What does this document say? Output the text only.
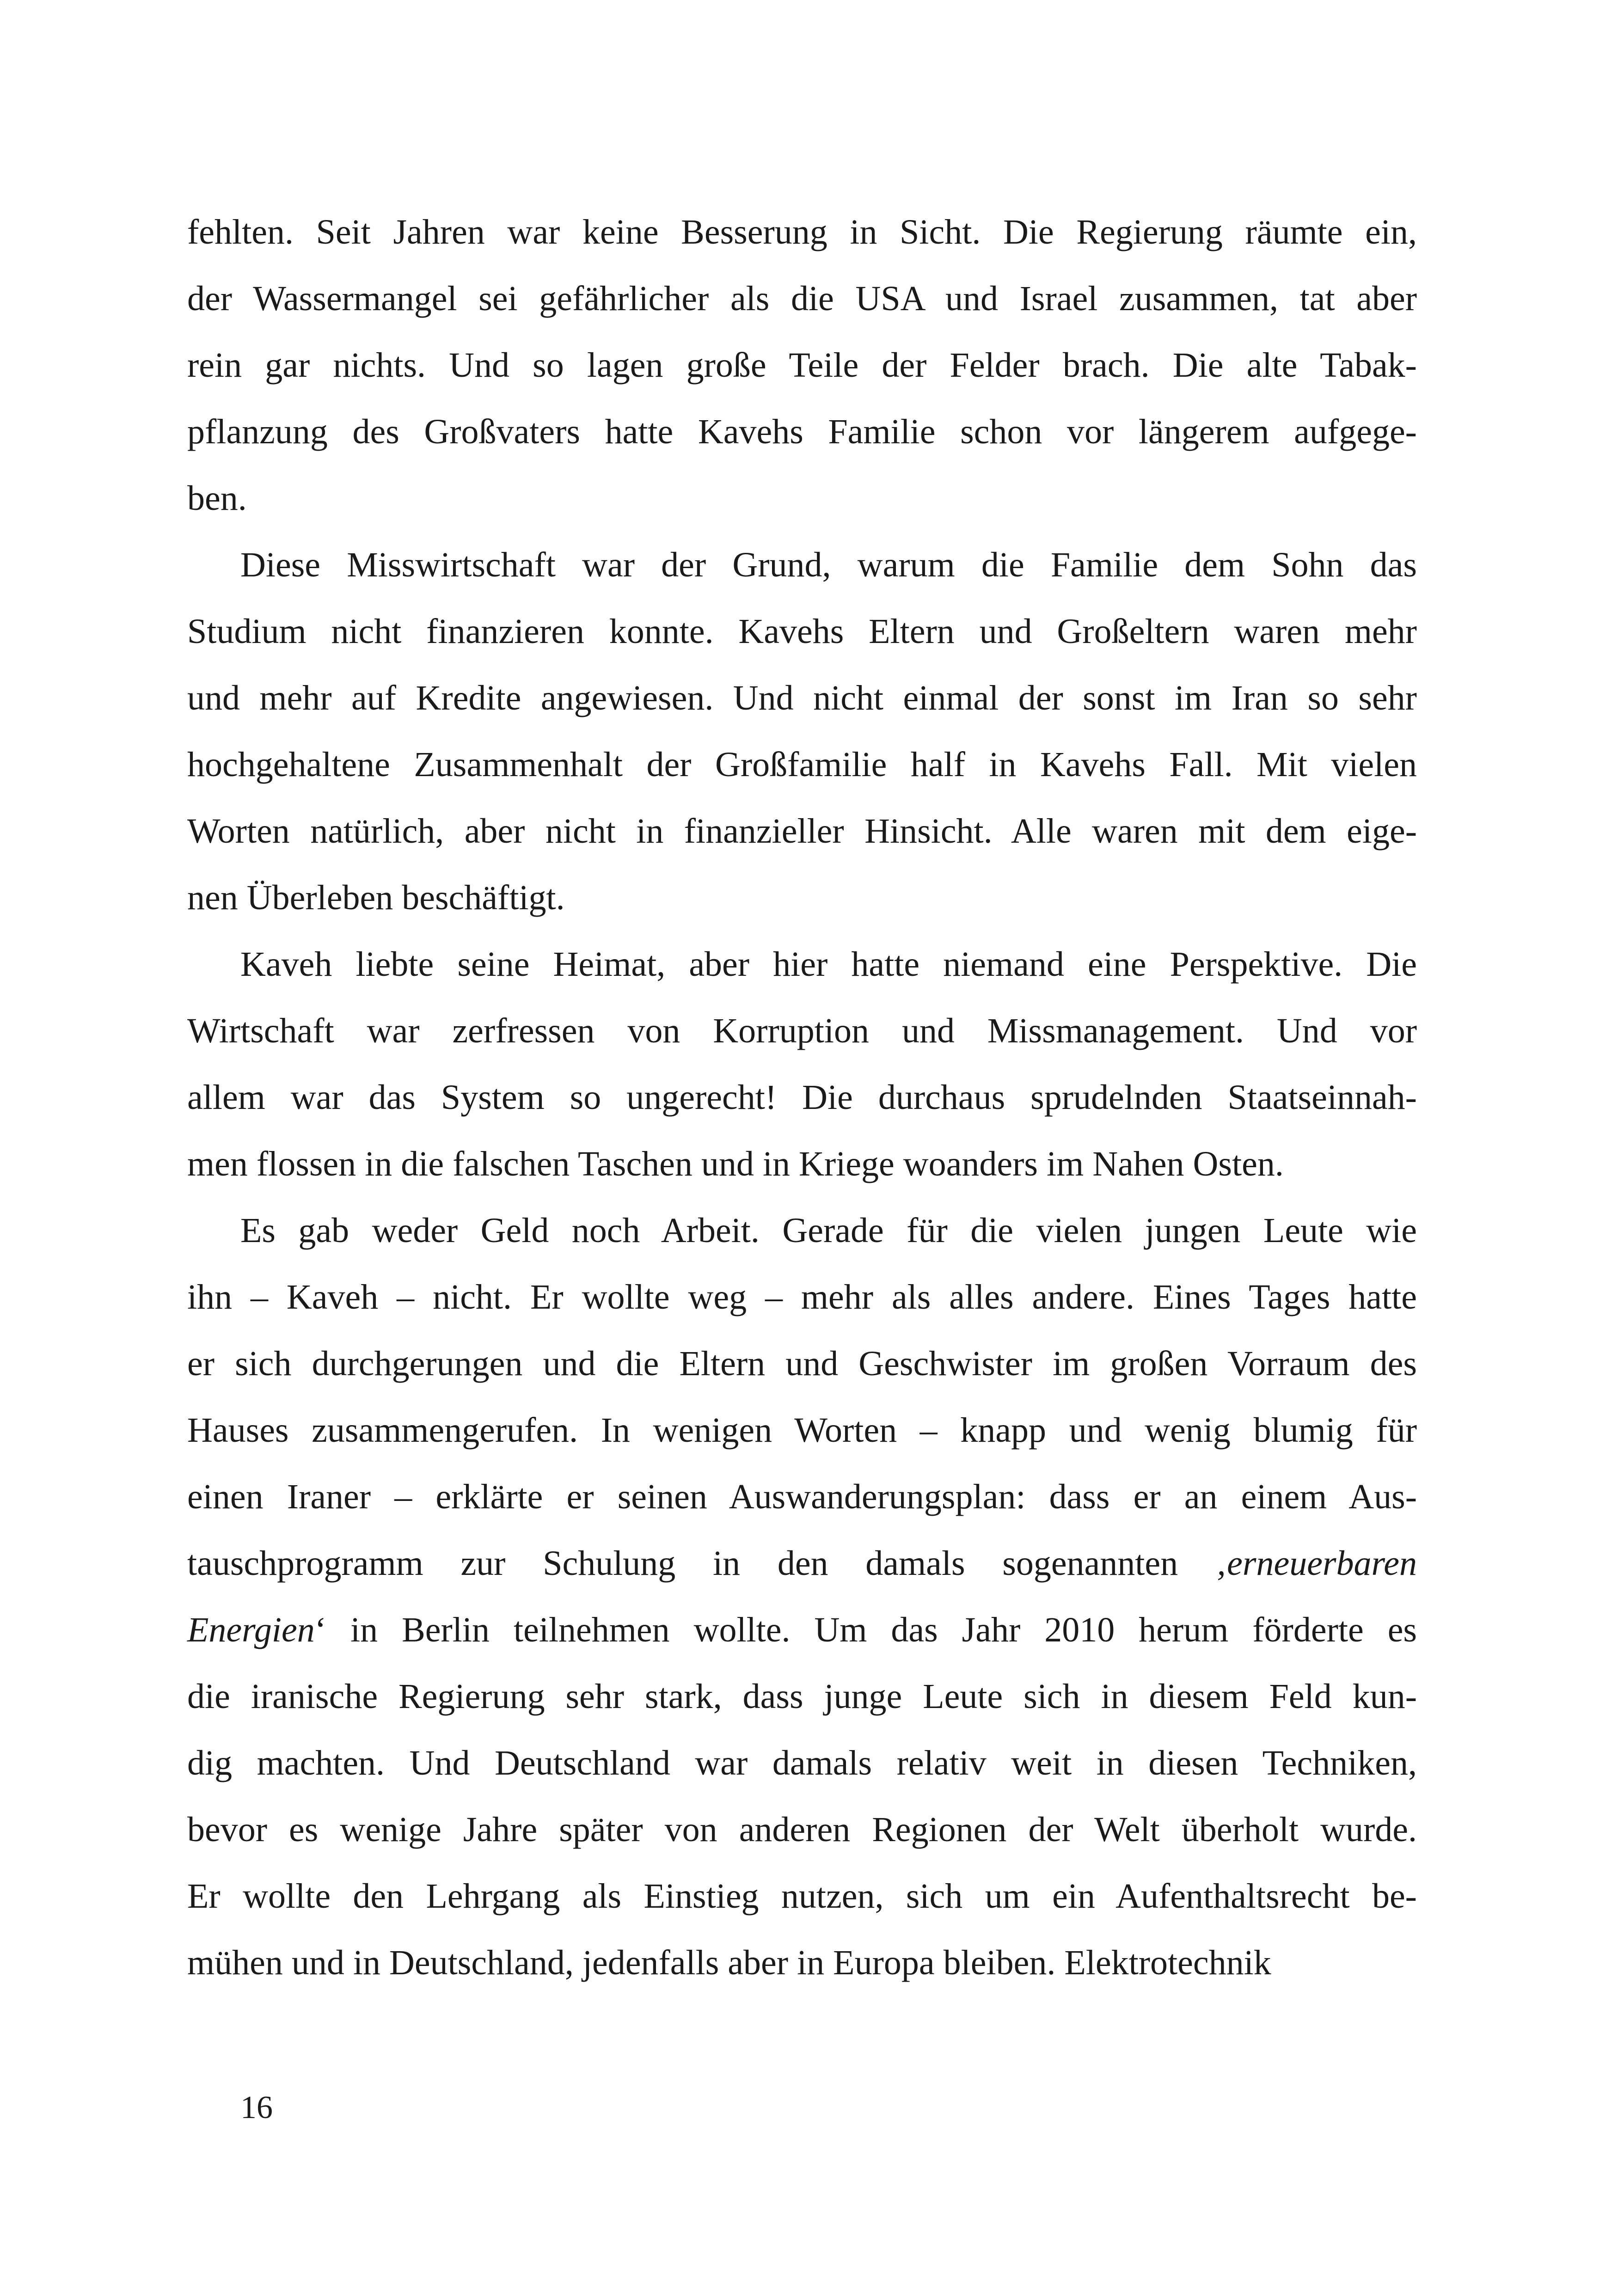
fehlten. Seit Jahren war keine Besserung in Sicht. Die Regierung räumte ein,
der Wassermangel sei gefährlicher als die USA und Israel zusammen, tat aber
rein gar nichts. Und so lagen große Teile der Felder brach. Die alte Tabak-
pflanzung des Großvaters hatte Kavehs Familie schon vor längerem aufgege-
ben.

Diese Misswirtschaft war der Grund, warum die Familie dem Sohn das
Studium nicht finanzieren konnte. Kavehs Eltern und Großeltern waren mehr
und mehr auf Kredite angewiesen. Und nicht einmal der sonst im Iran so sehr
hochgehaltene Zusammenhalt der Großfamilie half in Kavehs Fall. Mit vielen
Worten natürlich, aber nicht in finanzieller Hinsicht. Alle waren mit dem eige-
nen Überleben beschäftigt.

Kaveh liebte seine Heimat, aber hier hatte niemand eine Perspektive. Die
Wirtschaft war zerfressen von Korruption und Missmanagement. Und vor
allem war das System so ungerecht! Die durchaus sprudelnden Staatseinnah-
men flossen in die falschen Taschen und in Kriege woanders im Nahen Osten.

Es gab weder Geld noch Arbeit. Gerade für die vielen jungen Leute wie
ihn – Kaveh – nicht. Er wollte weg – mehr als alles andere. Eines Tages hatte
er sich durchgerungen und die Eltern und Geschwister im großen Vorraum des
Hauses zusammengerufen. In wenigen Worten – knapp und wenig blumig für
einen Iraner – erklärte er seinen Auswanderungsplan: dass er an einem Aus-
tauschprogramm zur Schulung in den damals sogenannten ‚erneuerbaren
Energien‘ in Berlin teilnehmen wollte. Um das Jahr 2010 herum förderte es
die iranische Regierung sehr stark, dass junge Leute sich in diesem Feld kun-
dig machten. Und Deutschland war damals relativ weit in diesen Techniken,
bevor es wenige Jahre später von anderen Regionen der Welt überholt wurde.
Er wollte den Lehrgang als Einstieg nutzen, sich um ein Aufenthaltsrecht be-
mühen und in Deutschland, jedenfalls aber in Europa bleiben. Elektrotechnik

16
